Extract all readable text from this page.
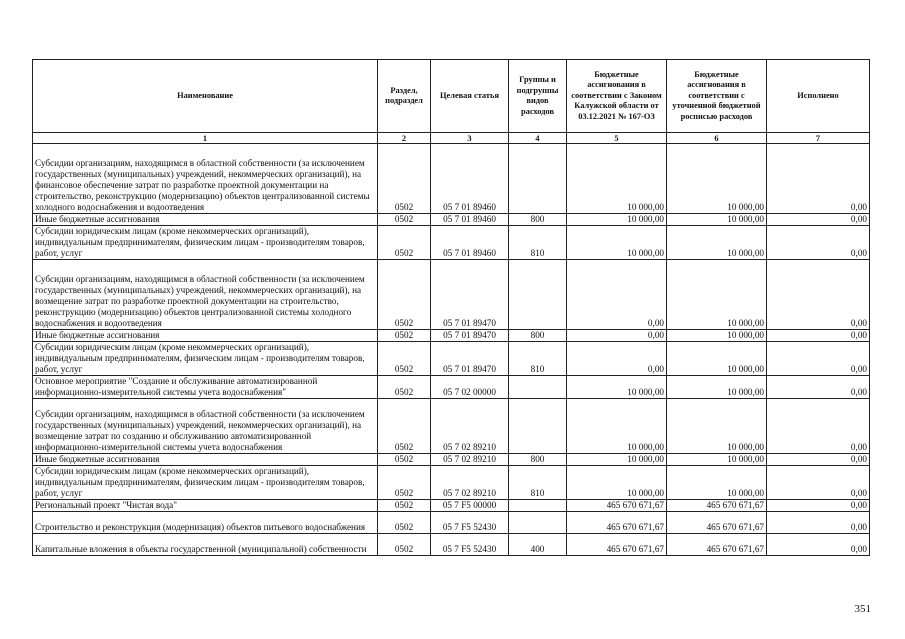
Наименование	Раздел, подраздел	Целевая статья	Группы и подгруппы видов расходов	Бюджетные ассигнования в соответствии с Законом Калужской области от 03.12.2021 № 167-ОЗ	Бюджетные ассигнования в соответствии с уточненной бюджетной росписью расходов	Исполнено
1	2	3	4	5	6	7
Субсидии организациям, находящимся в областной собственности (за исключением государственных (муниципальных) учреждений, некоммерческих организаций), на финансовое обеспечение затрат по разработке проектной документации на строительство, реконструкцию (модернизацию) объектов централизованной системы холодного водоснабжения и водоотведения	0502	05 7 01 89460		10 000,00	10 000,00	0,00
Иные бюджетные ассигнования	0502	05 7 01 89460	800	10 000,00	10 000,00	0,00
Субсидии юридическим лицам (кроме некоммерческих организаций), индивидуальным предпринимателям, физическим лицам - производителям товаров, работ, услуг	0502	05 7 01 89460	810	10 000,00	10 000,00	0,00
Субсидии организациям, находящимся в областной собственности (за исключением государственных (муниципальных) учреждений, некоммерческих организаций), на возмещение затрат по разработке проектной документации на строительство, реконструкцию (модернизацию) объектов централизованной системы холодного водоснабжения и водоотведения	0502	05 7 01 89470		0,00	10 000,00	0,00
Иные бюджетные ассигнования	0502	05 7 01 89470	800	0,00	10 000,00	0,00
Субсидии юридическим лицам (кроме некоммерческих организаций), индивидуальным предпринимателям, физическим лицам - производителям товаров, работ, услуг	0502	05 7 01 89470	810	0,00	10 000,00	0,00
Основное мероприятие "Создание и обслуживание автоматизированной информационно-измерительной системы учета водоснабжения"	0502	05 7 02 00000		10 000,00	10 000,00	0,00
Субсидии организациям, находящимся в областной собственности (за исключением государственных (муниципальных) учреждений, некоммерческих организаций), на возмещение затрат по созданию и обслуживанию автоматизированной информационно-измерительной системы учета водоснабжения	0502	05 7 02 89210		10 000,00	10 000,00	0,00
Иные бюджетные ассигнования	0502	05 7 02 89210	800	10 000,00	10 000,00	0,00
Субсидии юридическим лицам (кроме некоммерческих организаций), индивидуальным предпринимателям, физическим лицам - производителям товаров, работ, услуг	0502	05 7 02 89210	810	10 000,00	10 000,00	0,00
Региональный проект "Чистая вода"	0502	05 7 F5 00000		465 670 671,67	465 670 671,67	0,00
Строительство и реконструкция (модернизация) объектов питьевого водоснабжения	0502	05 7 F5 52430		465 670 671,67	465 670 671,67	0,00
Капитальные вложения в объекты государственной (муниципальной) собственности	0502	05 7 F5 52430	400	465 670 671,67	465 670 671,67	0,00
351
